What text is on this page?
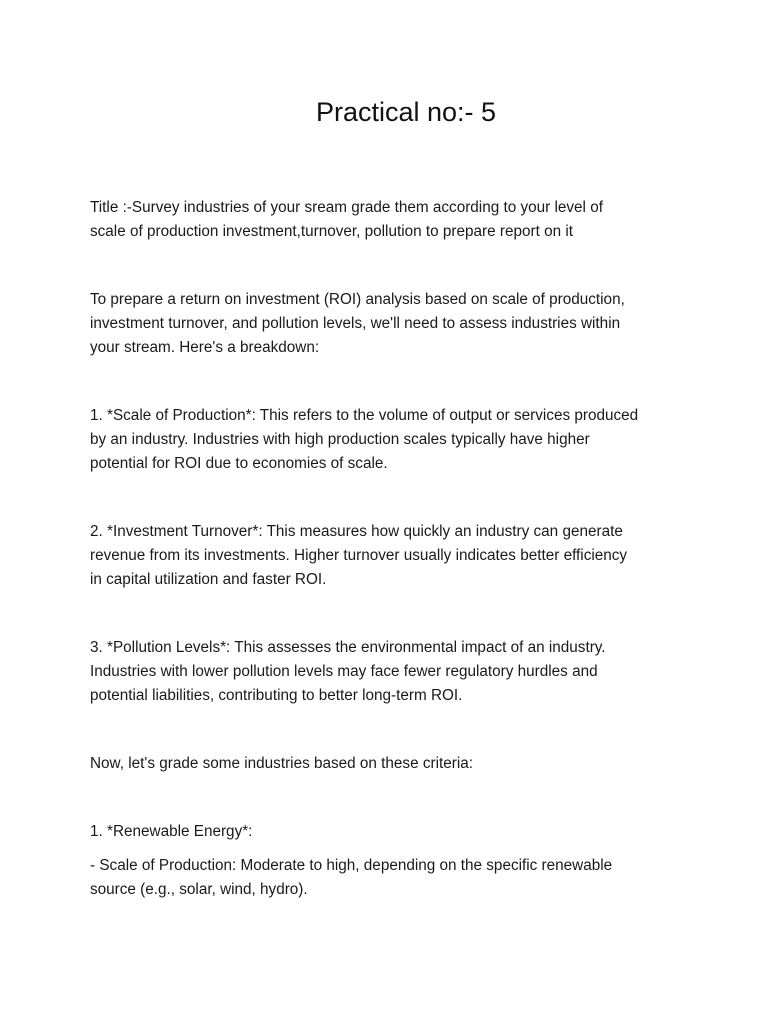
Practical no:- 5

Title :-Survey industries of your sream grade them according to your level of
scale of production investment,turnover, pollution to prepare report on it

To prepare a return on investment (ROI) analysis based on scale of production,
investment turnover, and pollution levels, we'll need to assess industries within
your stream. Here's a breakdown:

1. *Scale of Production*: This refers to the volume of output or services produced
by an industry. Industries with high production scales typically have higher
potential for ROI due to economies of scale.

2. *Investment Turnover*: This measures how quickly an industry can generate
revenue from its investments. Higher turnover usually indicates better efficiency
in capital utilization and faster ROI.

3. *Pollution Levels*: This assesses the environmental impact of an industry.
Industries with lower pollution levels may face fewer regulatory hurdles and
potential liabilities, contributing to better long-term ROI.

Now, let's grade some industries based on these criteria:

1. *Renewable Energy*:

- Scale of Production: Moderate to high, depending on the specific renewable
source (e.g., solar, wind, hydro).
